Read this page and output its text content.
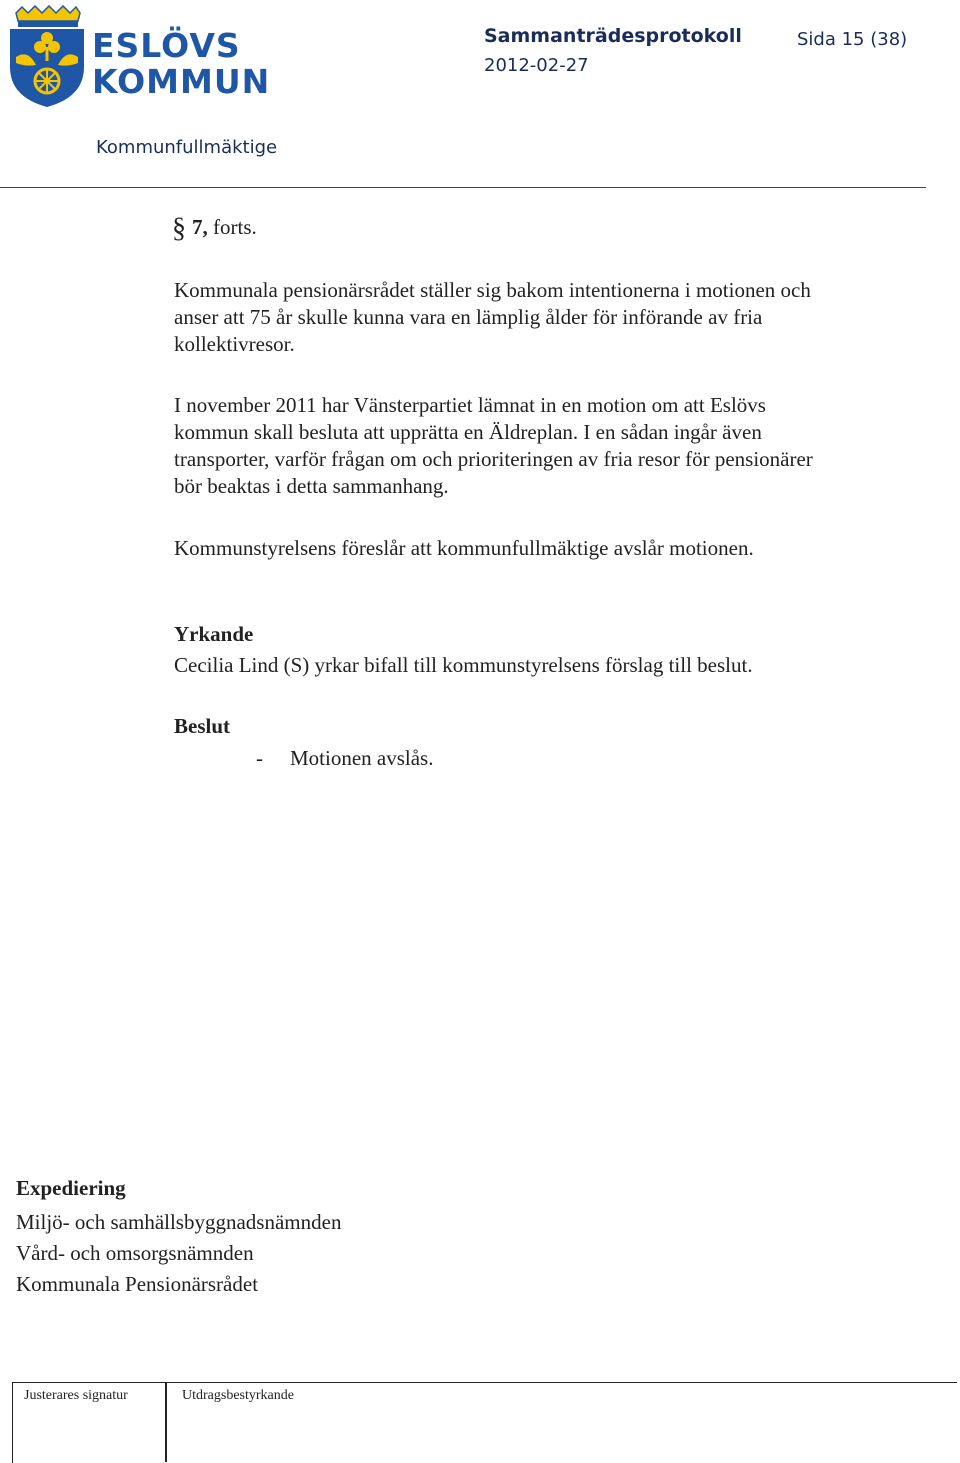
ESLÖVS
KOMMUN
Sammanträdesprotokoll	Sida 15 (38)
2012-02-27
Kommunfullmäktige
§ 7, forts.
Kommunala pensionärsrådet ställer sig bakom intentionerna i motionen och anser att 75 år skulle kunna vara en lämplig ålder för införande av fria kollektivresor.
I november 2011 har Vänsterpartiet lämnat in en motion om att Eslövs kommun skall besluta att upprätta en Äldreplan. I en sådan ingår även transporter, varför frågan om och prioriteringen av fria resor för pensionärer bör beaktas i detta sammanhang.
Kommunstyrelsens föreslår att kommunfullmäktige avslår motionen.
Yrkande
Cecilia Lind (S) yrkar bifall till kommunstyrelsens förslag till beslut.
Beslut
- Motionen avslås.
Expediering
Miljö- och samhällsbyggnadsnämnden
Vård- och omsorgsnämnden
Kommunala Pensionärsrådet
Justerares signatur	Utdragsbestyrkande
